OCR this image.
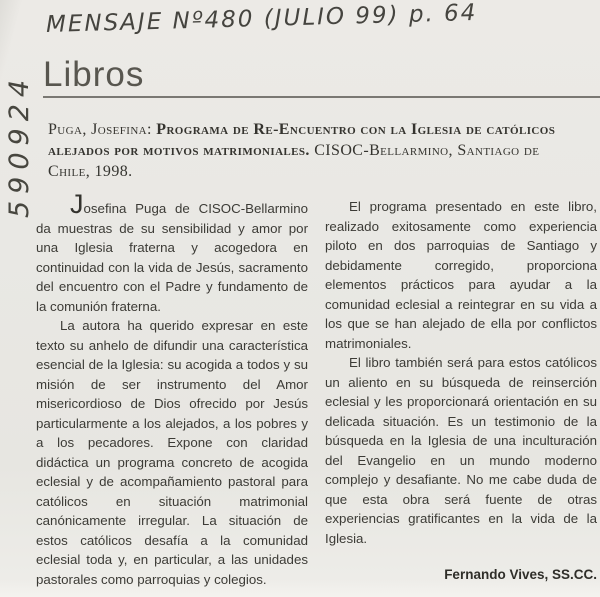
MENSAJE Nº480 (JULIO 99) p. 64
590924 Libros
Puga, Josefina: Programa de Re-Encuentro con la Iglesia de católicos alejados por motivos matrimoniales. CISOC-Bellarmino, Santiago de Chile, 1998.

Josefina Puga de CISOC-Bellarmino da muestras de su sensibilidad y amor por una Iglesia fraterna y acogedora en continuidad con la vida de Jesús, sacramento del encuentro con el Padre y fundamento de la comunión fraterna.

La autora ha querido expresar en este texto su anhelo de difundir una característica esencial de la Iglesia: su acogida a todos y su misión de ser instrumento del Amor misericordioso de Dios ofrecido por Jesús particularmente a los alejados, a los pobres y a los pecadores. Expone con claridad didáctica un programa concreto de acogida eclesial y de acompañamiento pastoral para católicos en situación matrimonial canónicamente irregular. La situación de estos católicos desafía a la comunidad eclesial toda y, en particular, a las unidades pastorales como parroquias y colegios.

El programa presentado en este libro, realizado exitosamente como experiencia piloto en dos parroquias de Santiago y debidamente corregido, proporciona elementos prácticos para ayudar a la comunidad eclesial a reintegrar en su vida a los que se han alejado de ella por conflictos matrimoniales.

El libro también será para estos católicos un aliento en su búsqueda de reinserción eclesial y les proporcionará orientación en su delicada situación. Es un testimonio de la búsqueda en la Iglesia de una inculturación del Evangelio en un mundo moderno complejo y desafiante. No me cabe duda de que esta obra será fuente de otras experiencias gratificantes en la vida de la Iglesia.

Fernando Vives, SS.CC.
